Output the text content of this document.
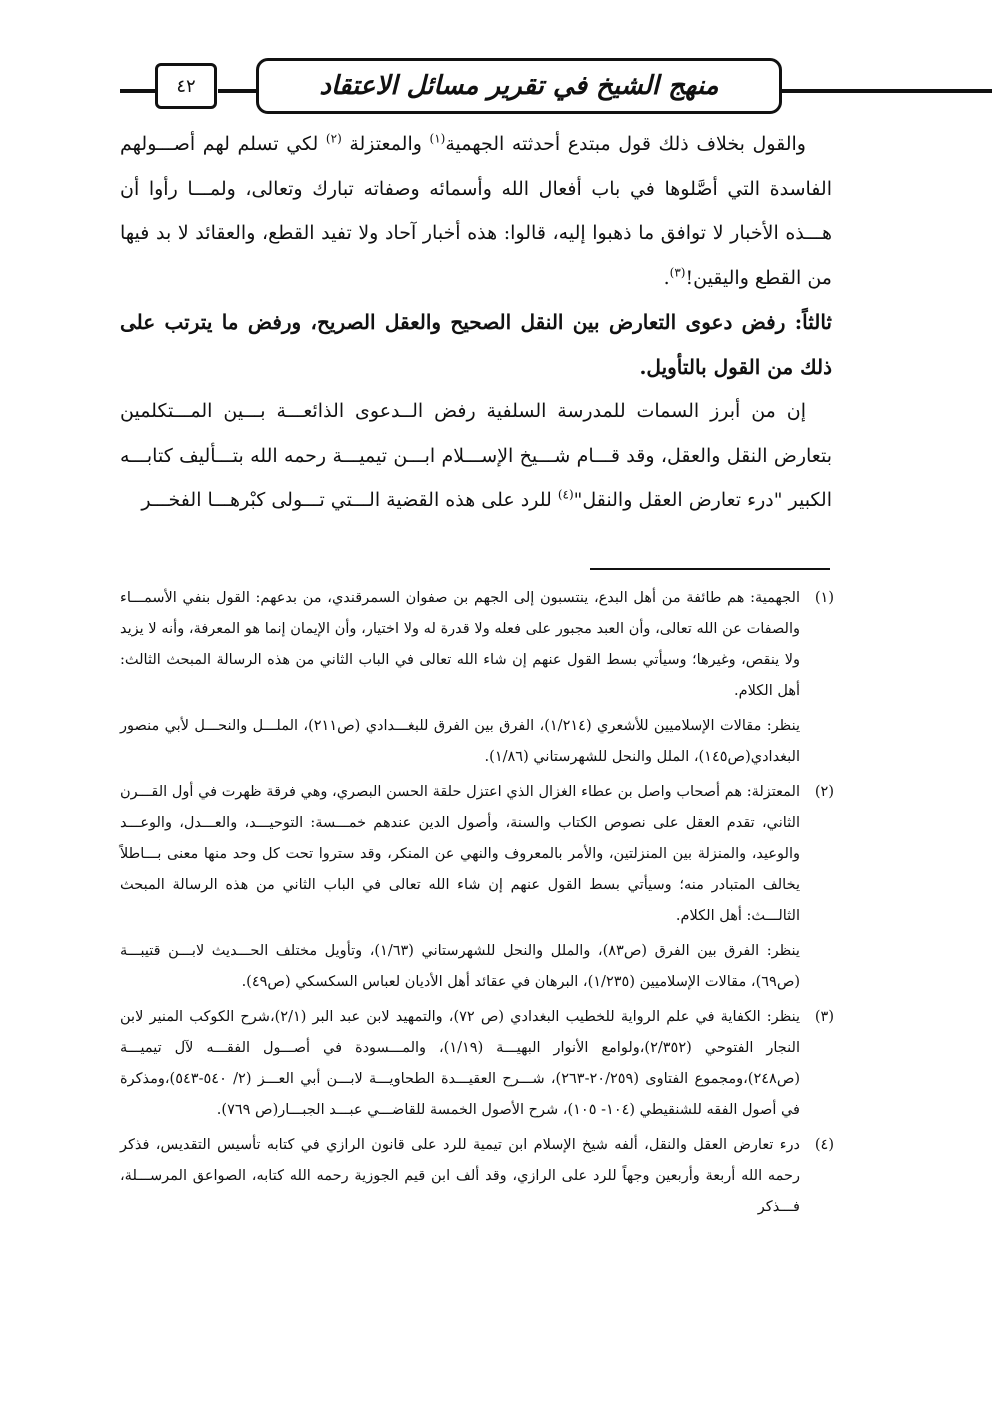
٤٢	منهج الشيخ في تقرير مسائل الاعتقاد

والقول بخلاف ذلك قول مبتدع أحدثته الجهمية$^{(١)}$ والمعتزلة $^{(٢)}$ لكي تسلم لهم أصـــولهم الفاسدة التي أصَّلوها في باب أفعال الله وأسمائه وصفاته تبارك وتعالى، ولمـــا رأوا أن هـــذه الأخبار لا توافق ما ذهبوا إليه، قالوا: هذه أخبار آحاد ولا تفيد القطع، والعقائد لا بد فيها من القطع واليقين!$^{(٣)}$.

ثالثاً: رفض دعوى التعارض بين النقل الصحيح والعقل الصريح، ورفض ما يترتب على ذلك من القول بالتأويل.

إن من أبرز السمات للمدرسة السلفية رفض الــدعوى الذائعـــة بـــين المـــتكلمين بتعارض النقل والعقل، وقد قـــام شـــيخ الإســـلام ابـــن تيميـــة رحمه الله بتـــأليف كتابـــه الكبير "درء تعارض العقل والنقل"$^{(٤)}$ للرد على هذه القضية الـــتي تـــولى كبْرهـــا الفخـــر

(١)

الجهمية: هم طائفة من أهل البدع، ينتسبون إلى الجهم بن صفوان السمرقندي، من بدعهم: القول بنفي الأسمـــاء والصفات عن الله تعالى، وأن العبد مجبور على فعله ولا قدرة له ولا اختيار، وأن الإيمان إنما هو المعرفة، وأنه لا يزيد ولا ينقص، وغيرها؛ وسيأتي بسط القول عنهم إن شاء الله تعالى في الباب الثاني من هذه الرسالة المبحث الثالث: أهل الكلام.

ينظر: مقالات الإسلاميين للأشعري (١/٢١٤)، الفرق بين الفرق للبغـــدادي (ص٢١١)، الملـــل والنحـــل لأبي منصور البغدادي(ص١٤٥)، الملل والنحل للشهرستاني (١/٨٦).

(٢)

المعتزلة: هم أصحاب واصل بن عطاء الغزال الذي اعتزل حلقة الحسن البصري، وهي فرقة ظهرت في أول القـــرن الثاني، تقدم العقل على نصوص الكتاب والسنة، وأصول الدين عندهم خمـــسة: التوحيـــد، والعـــدل، والوعـــد والوعيد، والمنزلة بين المنزلتين، والأمر بالمعروف والنهي عن المنكر، وقد ستروا تحت كل وحد منها معنى بـــاطلاً يخالف المتبادر منه؛ وسيأتي بسط القول عنهم إن شاء الله تعالى في الباب الثاني من هذه الرسالة المبحث الثالـــث: أهل الكلام.

ينظر: الفرق بين الفرق (ص٨٣)، والملل والنحل للشهرستاني (١/٦٣)، وتأويل مختلف الحـــديث لابـــن قتيبـــة (ص٦٩)، مقالات الإسلاميين (١/٢٣٥)، البرهان في عقائد أهل الأديان لعباس السكسكي (ص٤٩).

(٣)

ينظر: الكفاية في علم الرواية للخطيب البغدادي (ص ٧٢)، والتمهيد لابن عبد البر (٢/١)،شرح الكوكب المنير لابن النجار الفتوحي (٢/٣٥٢)،ولوامع الأنوار البهيـــة (١/١٩)، والمـــسودة في أصـــول الفقـــه لآل تيميـــة (ص٢٤٨)،ومجموع الفتاوى (٢٠/٢٥٩-٢٦٣)، شـــرح العقيـــدة الطحاويـــة لابـــن أبي العـــز (٢/ ٥٤٠-٥٤٣)،ومذكرة في أصول الفقه للشنقيطي (١٠٤- ١٠٥)، شرح الأصول الخمسة للقاضـــي عبـــد الجبـــار(ص ٧٦٩).

(٤)

درء تعارض العقل والنقل، ألفه شيخ الإسلام ابن تيمية للرد على قانون الرازي في كتابه تأسيس التقديس، فذكر رحمه الله أربعة وأربعين وجهاً للرد على الرازي، وقد ألف ابن قيم الجوزية رحمه الله كتابه، الصواعق المرســـلة، فـــذكر
